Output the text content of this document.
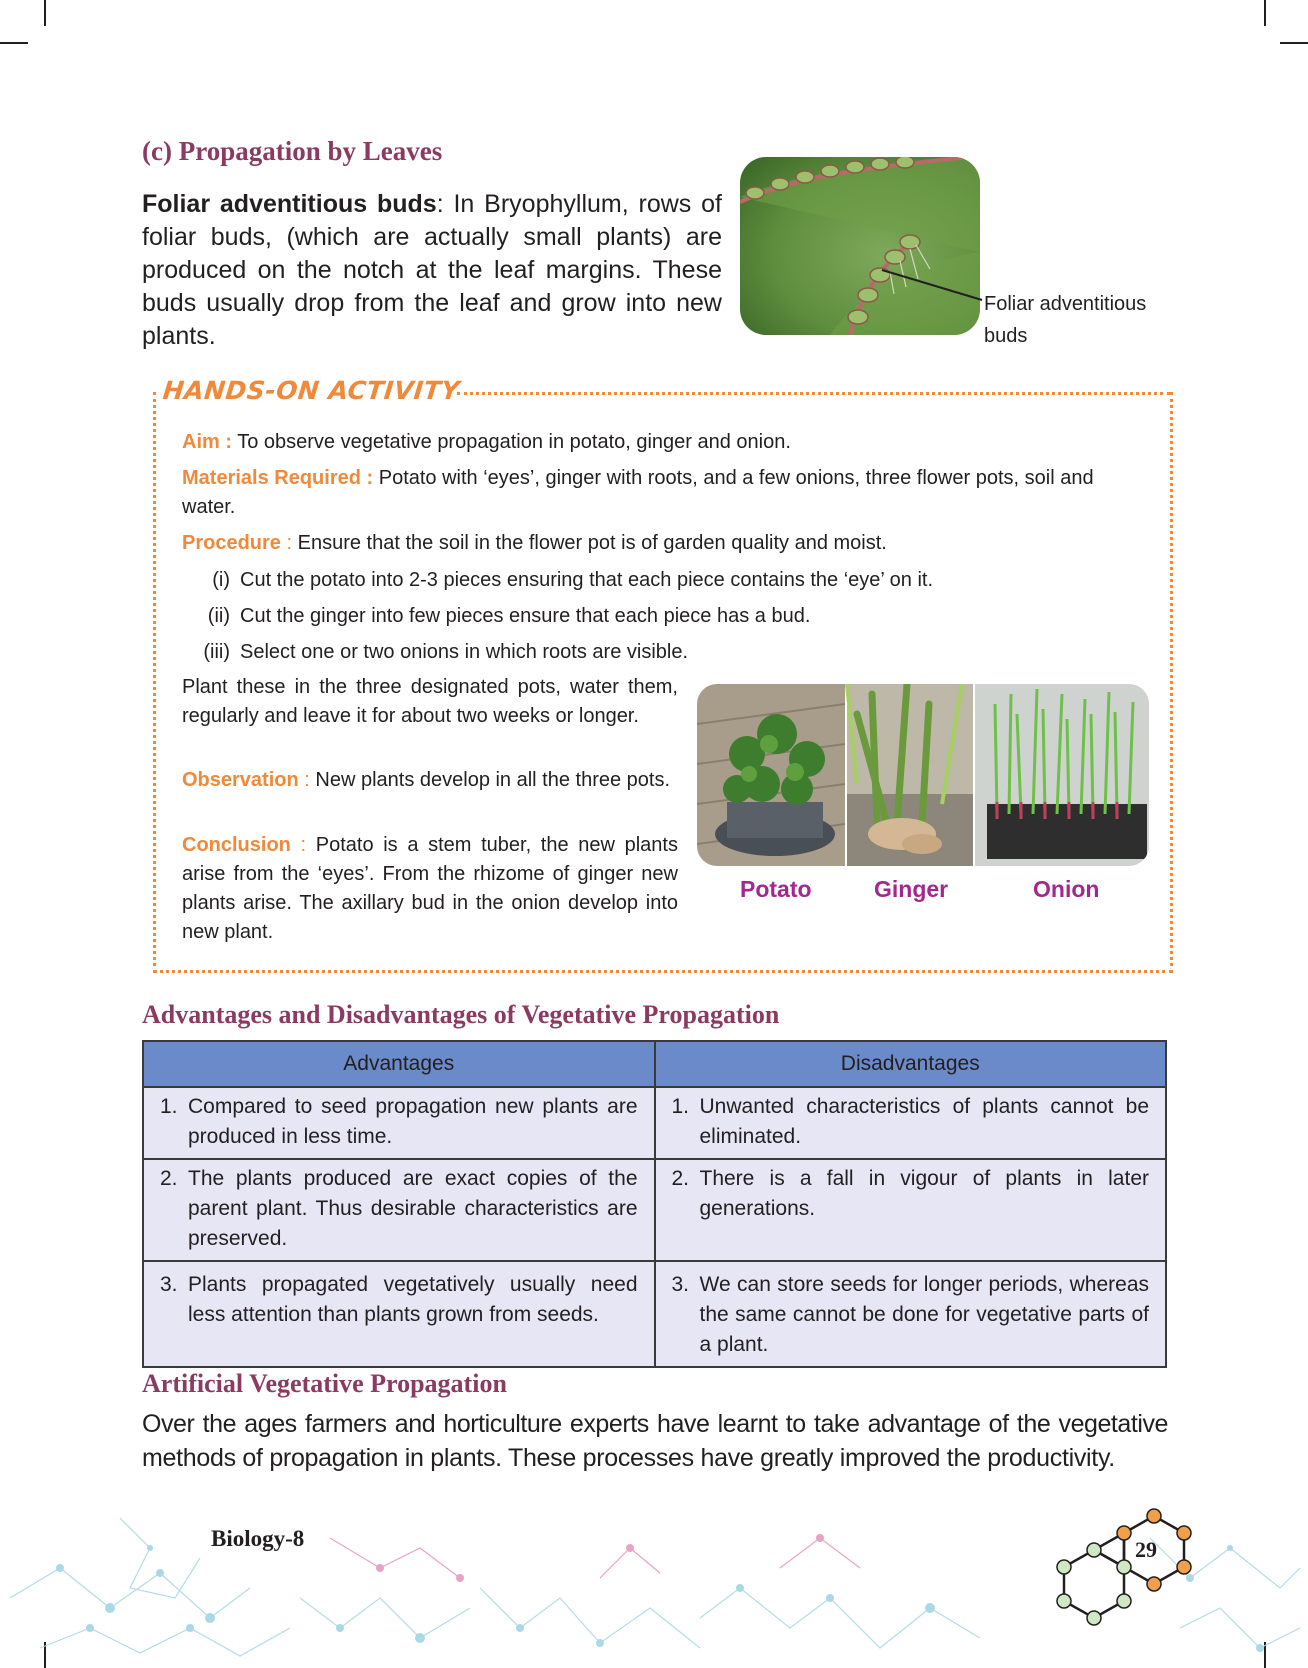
(c) Propagation by Leaves
Foliar adventitious buds: In Bryophyllum, rows of foliar buds, (which are actually small plants) are produced on the notch at the leaf margins. These buds usually drop from the leaf and grow into new plants.
Foliar adventitious
buds
HANDS-ON ACTIVITY
Aim : To observe vegetative propagation in potato, ginger and onion.
Materials Required : Potato with ‘eyes’, ginger with roots, and a few onions, three flower pots, soil and water.
Procedure : Ensure that the soil in the flower pot is of garden quality and moist.
(i) Cut the potato into 2-3 pieces ensuring that each piece contains the ‘eye’ on it.
(ii) Cut the ginger into few pieces ensure that each piece has a bud.
(iii) Select one or two onions in which roots are visible.
Plant these in the three designated pots, water them, regularly and leave it for about two weeks or longer.
Observation : New plants develop in all the three pots.
Conclusion : Potato is a stem tuber, the new plants arise from the ‘eyes’. From the rhizome of ginger new plants arise. The axillary bud in the onion develop into new plant.
Potato	Ginger	Onion
Advantages and Disadvantages of Vegetative Propagation
Advantages	Disadvantages

1. Compared to seed propagation new plants are produced in less time.	1. Unwanted characteristics of plants cannot be eliminated.

2. The plants produced are exact copies of the parent plant. Thus desirable characteristics are preserved.	2. There is a fall in vigour of plants in later generations.

3. Plants propagated vegetatively usually need less attention than plants grown from seeds.	3. We can store seeds for longer periods, whereas the same cannot be done for vegetative parts of a plant.
Artificial Vegetative Propagation
Over the ages farmers and horticulture experts have learnt to take advantage of the vegetative
methods of propagation in plants. These processes have greatly improved the productivity.
Biology-8	29
